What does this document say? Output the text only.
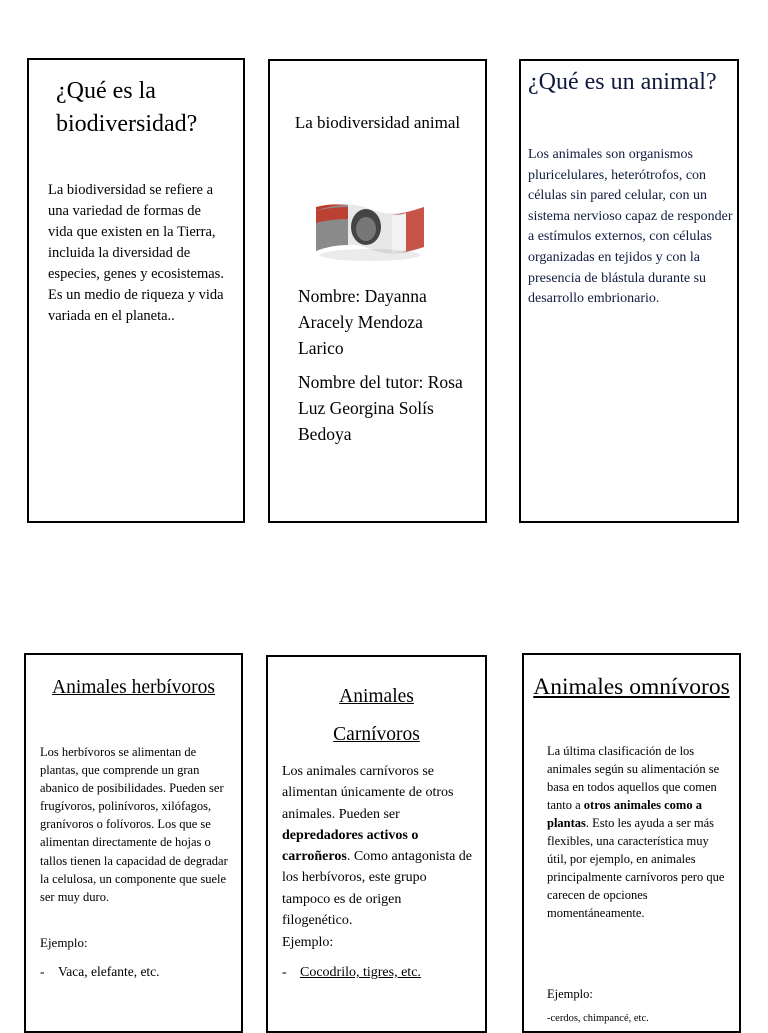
¿Qué es la biodiversidad?

La biodiversidad se refiere a una variedad de formas de vida que existen en la Tierra, incluida la diversidad de especies, genes y ecosistemas. Es un medio de riqueza y vida variada en el planeta..

La biodiversidad animal

Nombre: Dayanna Aracely Mendoza Larico

Nombre del tutor: Rosa Luz Georgina Solís Bedoya

¿Qué es un animal?

Los animales son organismos pluricelulares, heterótrofos, con células sin pared celular, con un sistema nervioso capaz de responder a estímulos externos, con células organizadas en tejidos y con la presencia de blástula durante su desarrollo embrionario.

Animales herbívoros

Los herbívoros se alimentan de plantas, que comprende un gran abanico de posibilidades. Pueden ser frugívoros, polinívoros, xilófagos, granívoros o folívoros. Los que se alimentan directamente de hojas o tallos tienen la capacidad de degradar la celulosa, un componente que suele ser muy duro.

Ejemplo:

- Vaca, elefante, etc.

Animales

Carnívoros

Los animales carnívoros se alimentan únicamente de otros animales. Pueden ser depredadores activos o carroñeros. Como antagonista de los herbívoros, este grupo tampoco es de origen filogenético.

Ejemplo:

- Cocodrilo, tigres, etc.

Animales omnívoros

La última clasificación de los animales según su alimentación se basa en todos aquellos que comen tanto a otros animales como a plantas. Esto les ayuda a ser más flexibles, una característica muy útil, por ejemplo, en animales principalmente carnívoros pero que carecen de opciones momentáneamente.

Ejemplo:

-cerdos, chimpancé, etc.
